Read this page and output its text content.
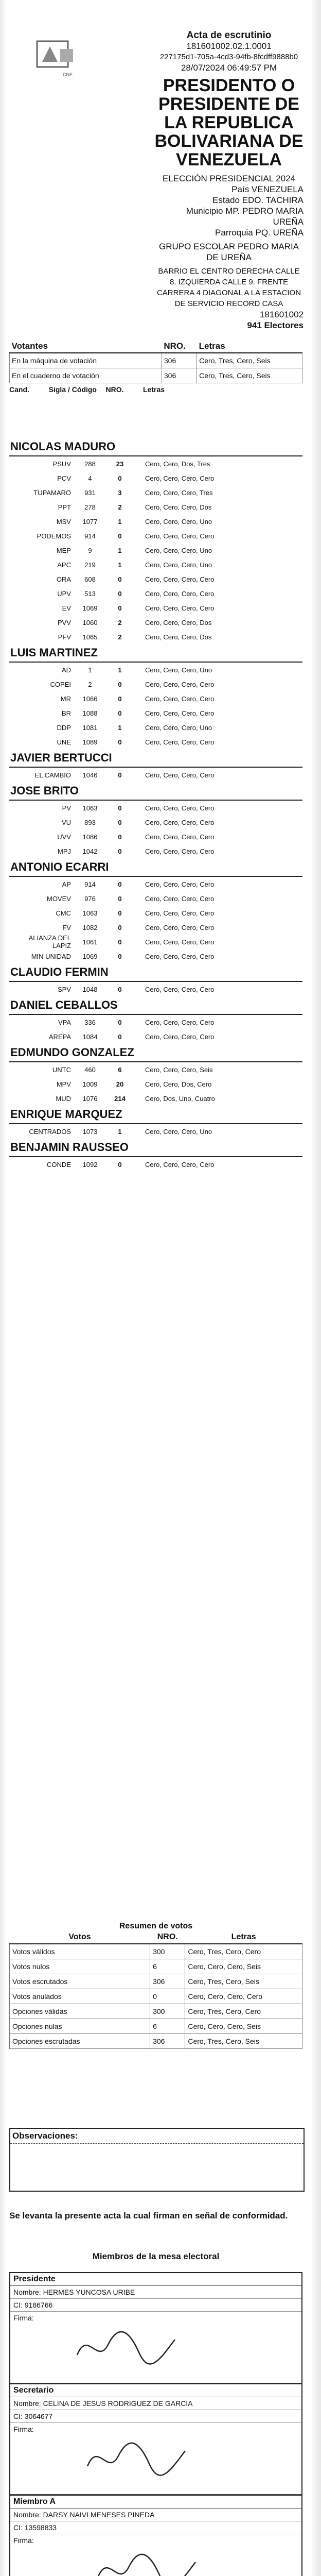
CNE
Acta de escrutinio
181601002.02.1.0001
227175d1-705a-4cd3-94fb-8fcdff9888b0
28/07/2024 06:49:57 PM
PRESIDENTO O PRESIDENTE DE LA REPUBLICA BOLIVARIANA DE VENEZUELA
ELECCIÓN PRESIDENCIAL 2024
País VENEZUELA
Estado EDO. TACHIRA
Municipio MP. PEDRO MARIA UREÑA
Parroquia PQ. UREÑA
GRUPO ESCOLAR PEDRO MARIA DE UREÑA
BARRIO EL CENTRO DERECHA CALLE 8. IZQUIERDA CALLE 9. FRENTE CARRERA 4 DIAGONAL A LA ESTACION DE SERVICIO RECORD CASA
181601002
941 Electores
Votantes	NRO.	Letras
En la máquina de votación	306	Cero, Tres, Cero, Seis
En el cuaderno de votación	306	Cero, Tres, Cero, Seis
Cand.	Sigla / Código	NRO.	Letras
NICOLAS MADURO
PSUV	288	23	Cero, Cero, Dos, Tres
PCV	4	0	Cero, Cero, Cero, Cero
TUPAMARO	931	3	Cero, Cero, Cero, Tres
PPT	278	2	Cero, Cero, Cero, Dos
MSV	1077	1	Cero, Cero, Cero, Uno
PODEMOS	914	0	Cero, Cero, Cero, Cero
MEP	9	1	Cero, Cero, Cero, Uno
APC	219	1	Cero, Cero, Cero, Uno
ORA	608	0	Cero, Cero, Cero, Cero
UPV	513	0	Cero, Cero, Cero, Cero
EV	1069	0	Cero, Cero, Cero, Cero
PVV	1060	2	Cero, Cero, Cero, Dos
PFV	1065	2	Cero, Cero, Cero, Dos
LUIS MARTINEZ
AD	1	1	Cero, Cero, Cero, Uno
COPEI	2	0	Cero, Cero, Cero, Cero
MR	1066	0	Cero, Cero, Cero, Cero
BR	1088	0	Cero, Cero, Cero, Cero
DDP	1081	1	Cero, Cero, Cero, Uno
UNE	1089	0	Cero, Cero, Cero, Cero
JAVIER BERTUCCI
EL CAMBIO	1046	0	Cero, Cero, Cero, Cero
JOSE BRITO
PV	1063	0	Cero, Cero, Cero, Cero
VU	893	0	Cero, Cero, Cero, Cero
UVV	1086	0	Cero, Cero, Cero, Cero
MPJ	1042	0	Cero, Cero, Cero, Cero
ANTONIO ECARRI
AP	914	0	Cero, Cero, Cero, Cero
MOVEV	976	0	Cero, Cero, Cero, Cero
CMC	1063	0	Cero, Cero, Cero, Cero
FV	1082	0	Cero, Cero, Cero, Cero
ALIANZA DEL LAPIZ	1061	0	Cero, Cero, Cero, Cero
MIN UNIDAD	1069	0	Cero, Cero, Cero, Cero
CLAUDIO FERMIN
SPV	1048	0	Cero, Cero, Cero, Cero
DANIEL CEBALLOS
VPA	336	0	Cero, Cero, Cero, Cero
AREPA	1084	0	Cero, Cero, Cero, Cero
EDMUNDO GONZALEZ
UNTC	460	6	Cero, Cero, Cero, Seis
MPV	1009	20	Cero, Cero, Dos, Cero
MUD	1076	214	Cero, Dos, Uno, Cuatro
ENRIQUE MARQUEZ
CENTRADOS	1073	1	Cero, Cero, Cero, Uno
BENJAMIN RAUSSEO
CONDE	1092	0	Cero, Cero, Cero, Cero
Resumen de votos
Votos	NRO.	Letras
Votos válidos	300	Cero, Tres, Cero, Cero
Votos nulos	6	Cero, Cero, Cero, Seis
Votos escrutados	306	Cero, Tres, Cero, Seis
Votos anulados	0	Cero, Cero, Cero, Cero
Opciones válidas	300	Cero, Tres, Cero, Cero
Opciones nulas	6	Cero, Cero, Cero, Seis
Opciones escrutadas	306	Cero, Tres, Cero, Seis
Observaciones:
Se levanta la presente acta la cual firman en señal de conformidad.
Miembros de la mesa electoral
Presidente
Nombre: HERMES YUNCOSA URIBE
CI: 9186766
Firma:
Secretario
Nombre: CELINA DE JESUS RODRIGUEZ DE GARCIA
CI: 3064677
Firma:
Miembro A
Nombre: DARSY NAIVI MENESES PINEDA
CI: 13598833
Firma:
